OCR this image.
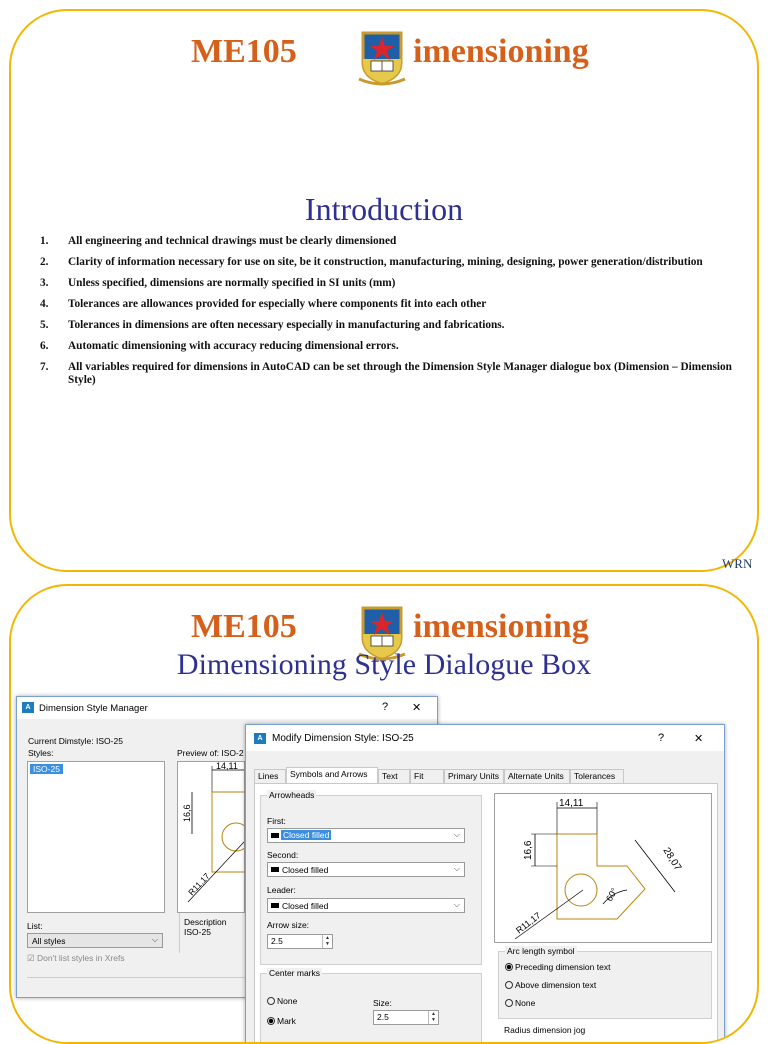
ME105	imensioning
Introduction
1. All engineering and technical drawings must be clearly dimensioned
2. Clarity of information necessary for use on site, be it construction, manufacturing, mining, designing, power generation/distribution
3. Unless specified, dimensions are normally specified in SI units (mm)
4. Tolerances are allowances provided for especially where components fit into each other
5. Tolerances in dimensions are often necessary especially in manufacturing and fabrications.
6. Automatic dimensioning with accuracy reducing dimensional errors.
7. All variables required for dimensions in AutoCAD can be set through the Dimension Style Manager dialogue box (Dimension – Dimension Style)
WRN
ME105	imensioning
Dimensioning Style Dialogue Box
A Dimension Style Manager	? ✕
Current Dimstyle: ISO-25
Styles:
ISO-25
Preview of: ISO-2
14,11
16,6
R11,17
List:
All styles	⌵
☑ Don't list styles in Xrefs
Description
ISO-25
A Modify Dimension Style: ISO-25	?	✕
Lines	Symbols and Arrows	Text	Fit	Primary Units	Alternate Units	Tolerances
Arrowheads
First:
Closed filled	⌵
Second:
Closed filled	⌵
Leader:
Closed filled	⌵
Arrow size:
2.5	▲
▼
Center marks
None
Mark
Size:
2.5	▲
▼
14,11
16,6	28,07
60°
R11,17
Arc length symbol
Preceding dimension text
Above dimension text
None
Radius dimension jog
